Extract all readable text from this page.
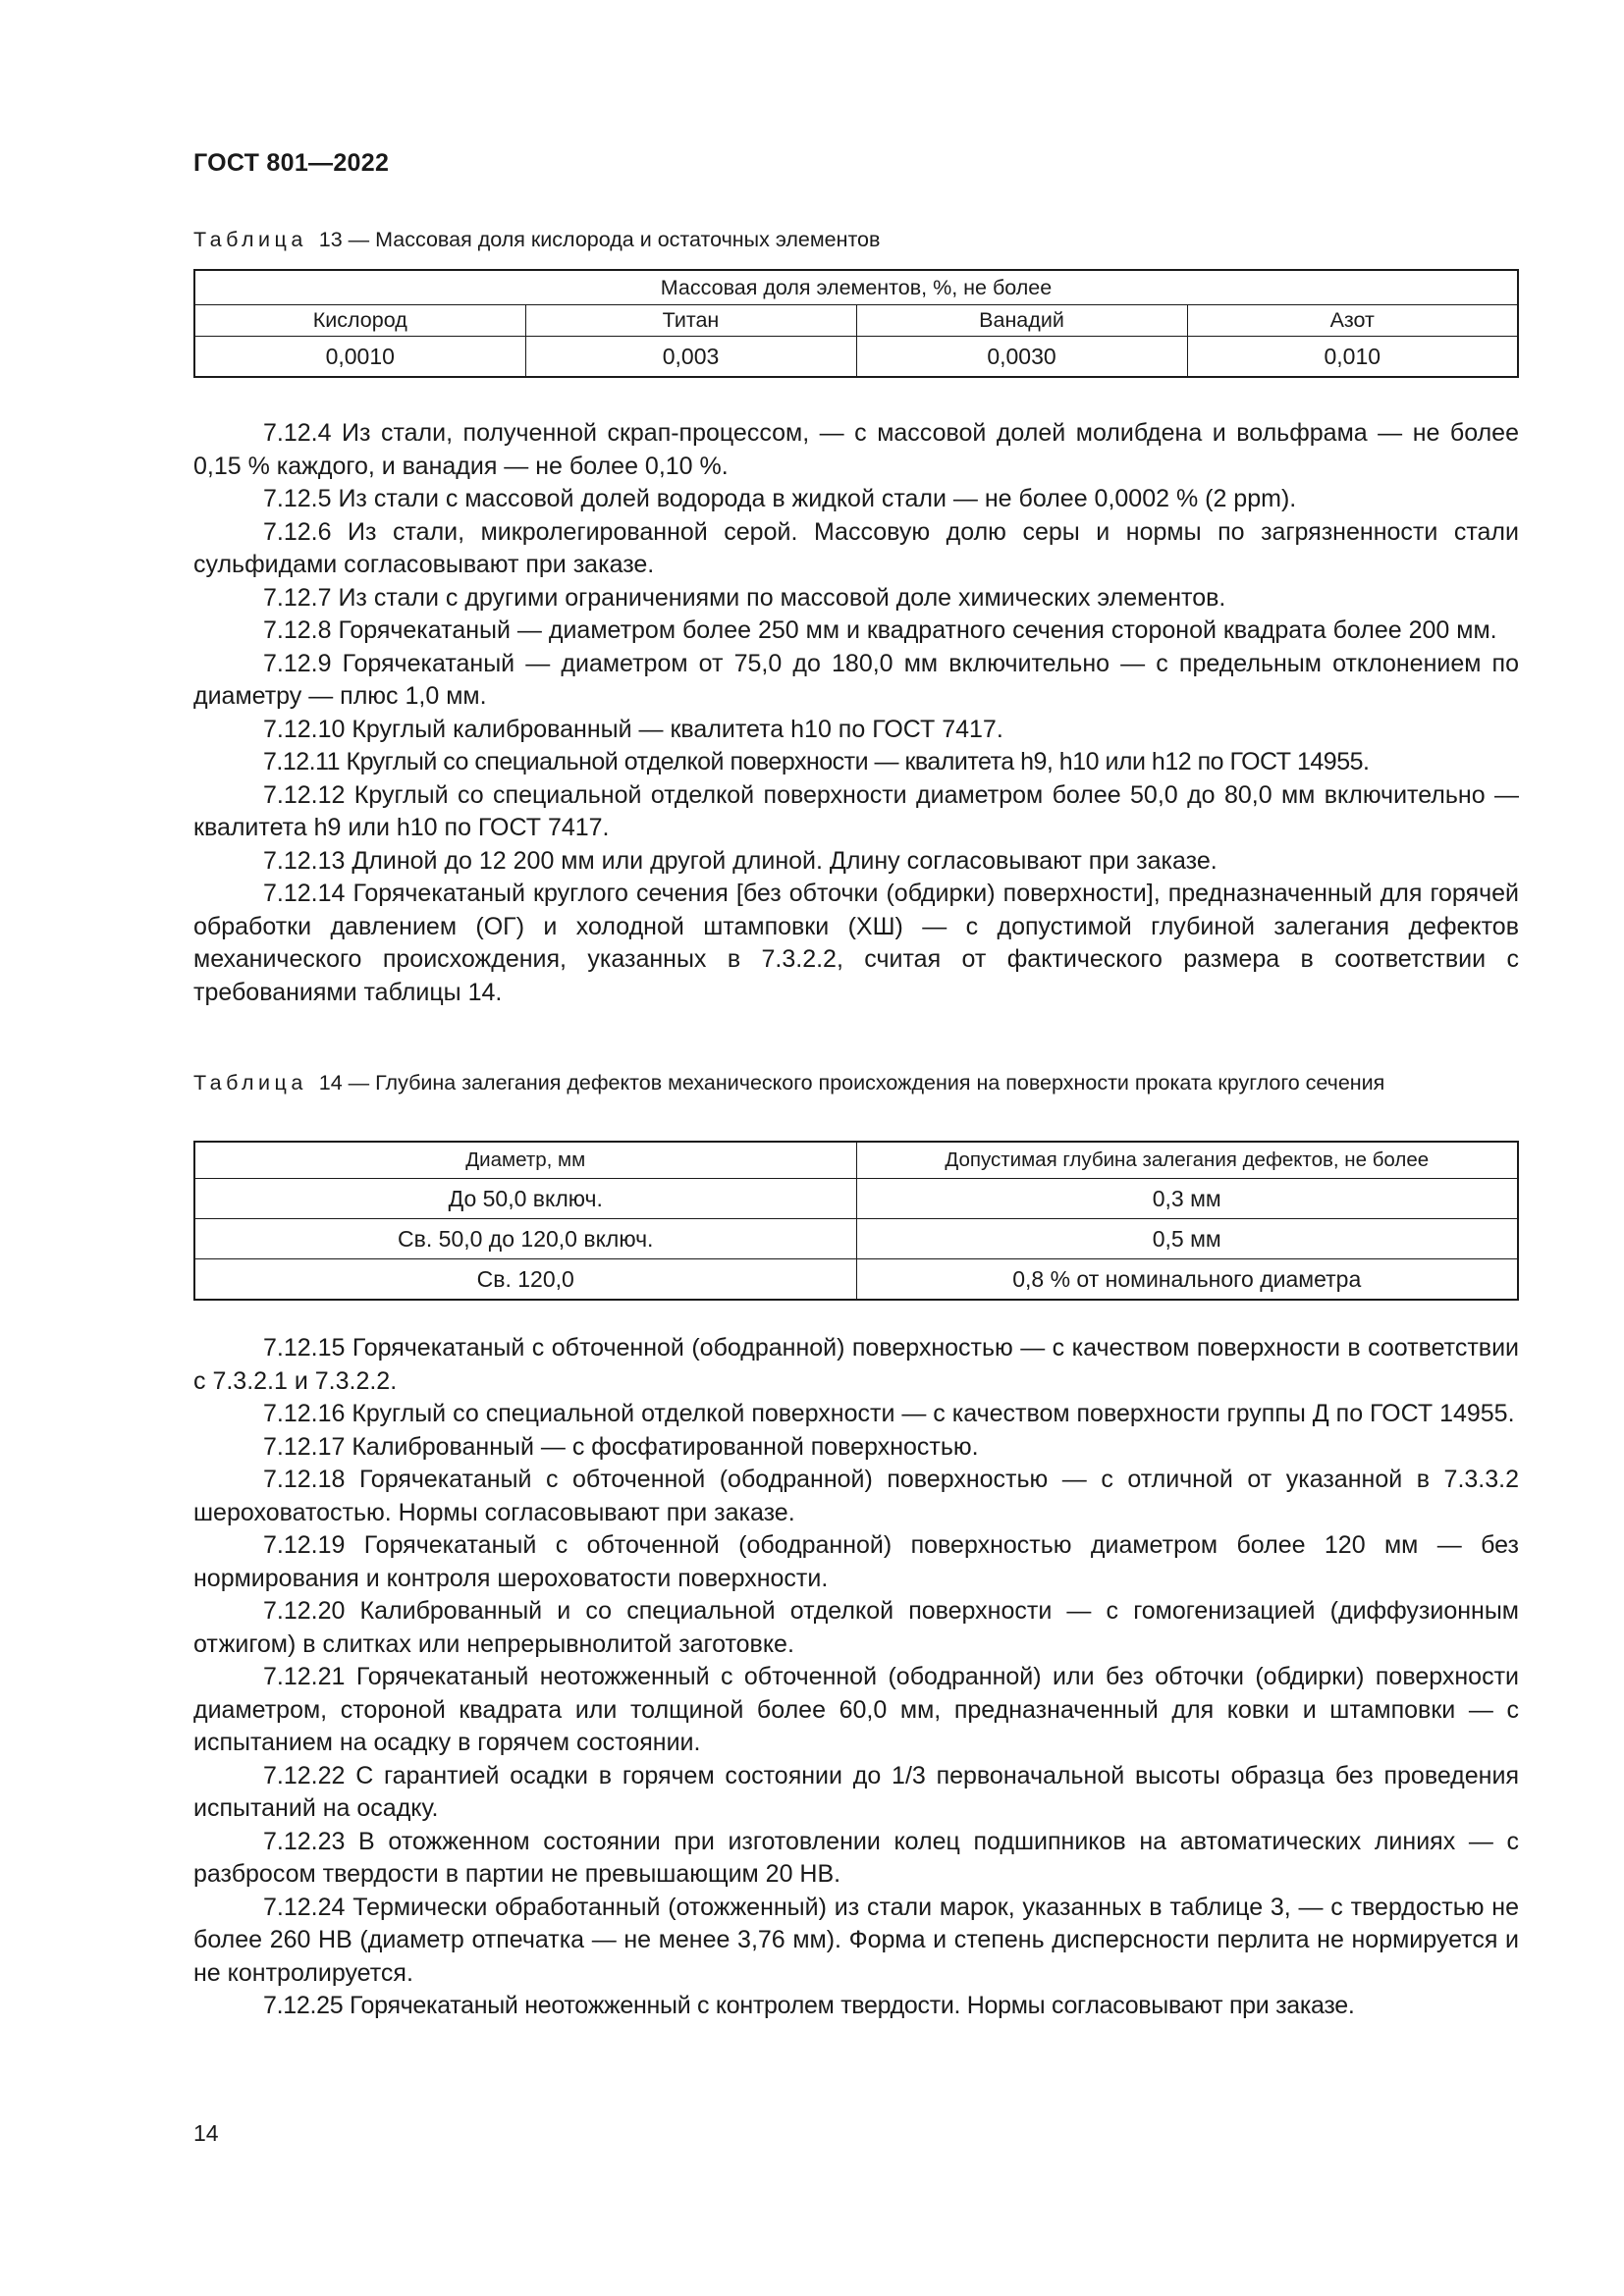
ГОСТ 801—2022
Таблица 13 — Массовая доля кислорода и остаточных элементов
Массовая доля элементов, %, не более			
Кислород	Титан	Ванадий	Азот
0,0010	0,003	0,0030	0,010

7.12.4 Из стали, полученной скрап-процессом, — с массовой долей молибдена и вольфрама — не более 0,15 % каждого, и ванадия — не более 0,10 %.

7.12.5 Из стали с массовой долей водорода в жидкой стали — не более 0,0002 % (2 ppm).

7.12.6 Из стали, микролегированной серой. Массовую долю серы и нормы по загрязненности стали сульфидами согласовывают при заказе.

7.12.7 Из стали с другими ограничениями по массовой доле химических элементов.

7.12.8 Горячекатаный — диаметром более 250 мм и квадратного сечения стороной квадрата более 200 мм.

7.12.9 Горячекатаный — диаметром от 75,0 до 180,0 мм включительно — с предельным отклонением по диаметру — плюс 1,0 мм.

7.12.10 Круглый калиброванный — квалитета h10 по ГОСТ 7417.

7.12.11 Круглый со специальной отделкой поверхности — квалитета h9, h10 или h12 по ГОСТ 14955.

7.12.12 Круглый со специальной отделкой поверхности диаметром более 50,0 до 80,0 мм включительно — квалитета h9 или h10 по ГОСТ 7417.

7.12.13 Длиной до 12 200 мм или другой длиной. Длину согласовывают при заказе.

7.12.14 Горячекатаный круглого сечения [без обточки (обдирки) поверхности], предназначенный для горячей обработки давлением (ОГ) и холодной штамповки (ХШ) — с допустимой глубиной залегания дефектов механического происхождения, указанных в 7.3.2.2, считая от фактического размера в соответствии с требованиями таблицы 14.

Таблица 14 — Глубина залегания дефектов механического происхождения на поверхности проката круглого сечения
Диаметр, мм	Допустимая глубина залегания дефектов, не более
До 50,0 включ.	0,3 мм
Св. 50,0 до 120,0 включ.	0,5 мм
Св. 120,0	0,8 % от номинального диаметра

7.12.15 Горячекатаный с обточенной (ободранной) поверхностью — с качеством поверхности в соответствии с 7.3.2.1 и 7.3.2.2.

7.12.16 Круглый со специальной отделкой поверхности — с качеством поверхности группы Д по ГОСТ 14955.

7.12.17 Калиброванный — с фосфатированной поверхностью.

7.12.18 Горячекатаный с обточенной (ободранной) поверхностью — с отличной от указанной в 7.3.3.2 шероховатостью. Нормы согласовывают при заказе.

7.12.19 Горячекатаный с обточенной (ободранной) поверхностью диаметром более 120 мм — без нормирования и контроля шероховатости поверхности.

7.12.20 Калиброванный и со специальной отделкой поверхности — с гомогенизацией (диффузионным отжигом) в слитках или непрерывнолитой заготовке.

7.12.21 Горячекатаный неотожженный с обточенной (ободранной) или без обточки (обдирки) поверхности диаметром, стороной квадрата или толщиной более 60,0 мм, предназначенный для ковки и штамповки — с испытанием на осадку в горячем состоянии.

7.12.22 С гарантией осадки в горячем состоянии до 1/3 первоначальной высоты образца без проведения испытаний на осадку.

7.12.23 В отожженном состоянии при изготовлении колец подшипников на автоматических линиях — с разбросом твердости в партии не превышающим 20 НВ.

7.12.24 Термически обработанный (отожженный) из стали марок, указанных в таблице 3, — с твердостью не более 260 НВ (диаметр отпечатка — не менее 3,76 мм). Форма и степень дисперсности перлита не нормируется и не контролируется.

7.12.25 Горячекатаный неотожженный с контролем твердости. Нормы согласовывают при заказе.

14
